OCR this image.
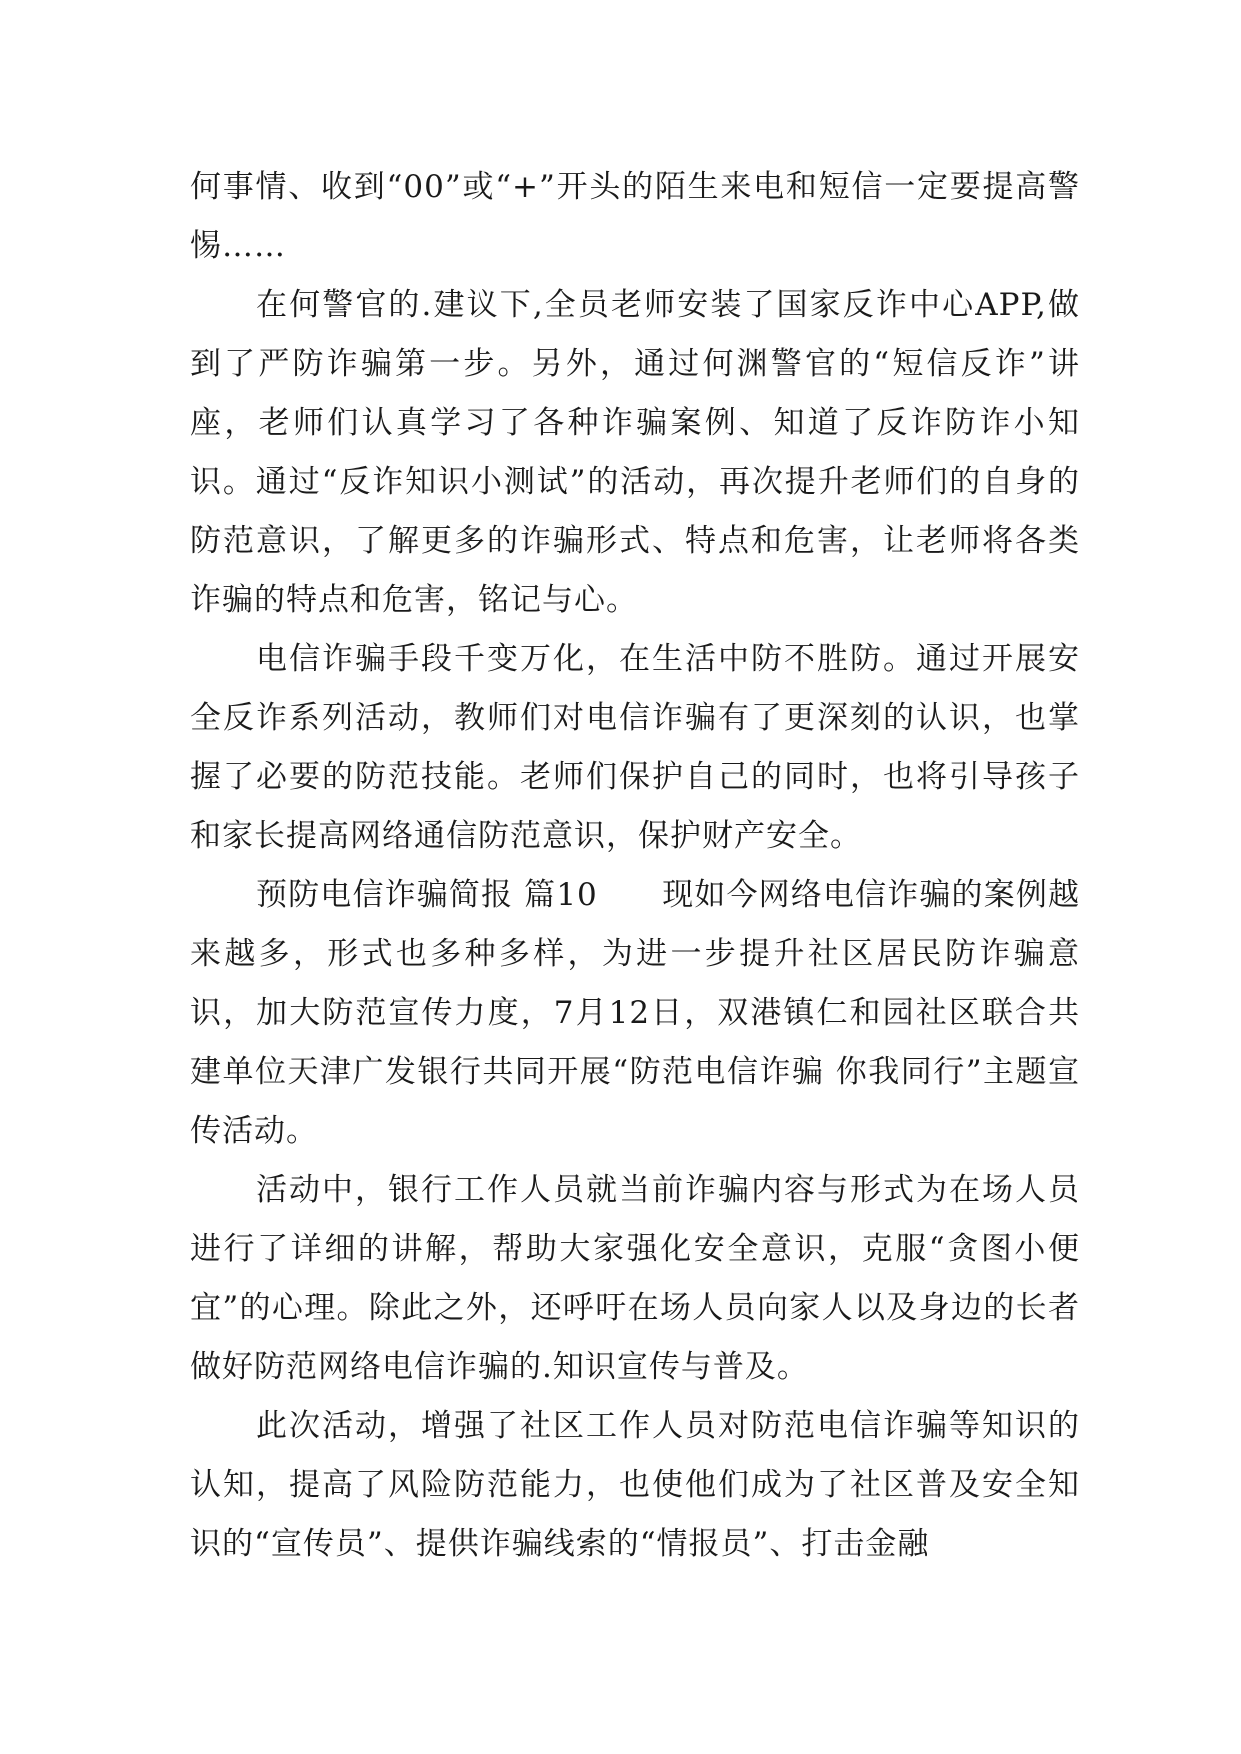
何事情、收到“00”或“+”开头的陌生来电和短信一定要提高警惕……

在何警官的.建议下,全员老师安装了国家反诈中心APP,做到了严防诈骗第一步。另外，通过何渊警官的“短信反诈”讲座，老师们认真学习了各种诈骗案例、知道了反诈防诈小知识。通过“反诈知识小测试”的活动，再次提升老师们的自身的防范意识，了解更多的诈骗形式、特点和危害，让老师将各类诈骗的特点和危害，铭记与心。

电信诈骗手段千变万化，在生活中防不胜防。通过开展安全反诈系列活动，教师们对电信诈骗有了更深刻的认识，也掌握了必要的防范技能。老师们保护自己的同时，也将引导孩子和家长提高网络通信防范意识，保护财产安全。

预防电信诈骗简报 篇10　　现如今网络电信诈骗的案例越来越多，形式也多种多样，为进一步提升社区居民防诈骗意识，加大防范宣传力度，7月12日，双港镇仁和园社区联合共建单位天津广发银行共同开展“防范电信诈骗 你我同行”主题宣传活动。

活动中，银行工作人员就当前诈骗内容与形式为在场人员进行了详细的讲解，帮助大家强化安全意识，克服“贪图小便宜”的心理。除此之外，还呼吁在场人员向家人以及身边的长者做好防范网络电信诈骗的.知识宣传与普及。

此次活动，增强了社区工作人员对防范电信诈骗等知识的认知，提高了风险防范能力，也使他们成为了社区普及安全知识的“宣传员”、提供诈骗线索的“情报员”、打击金融
